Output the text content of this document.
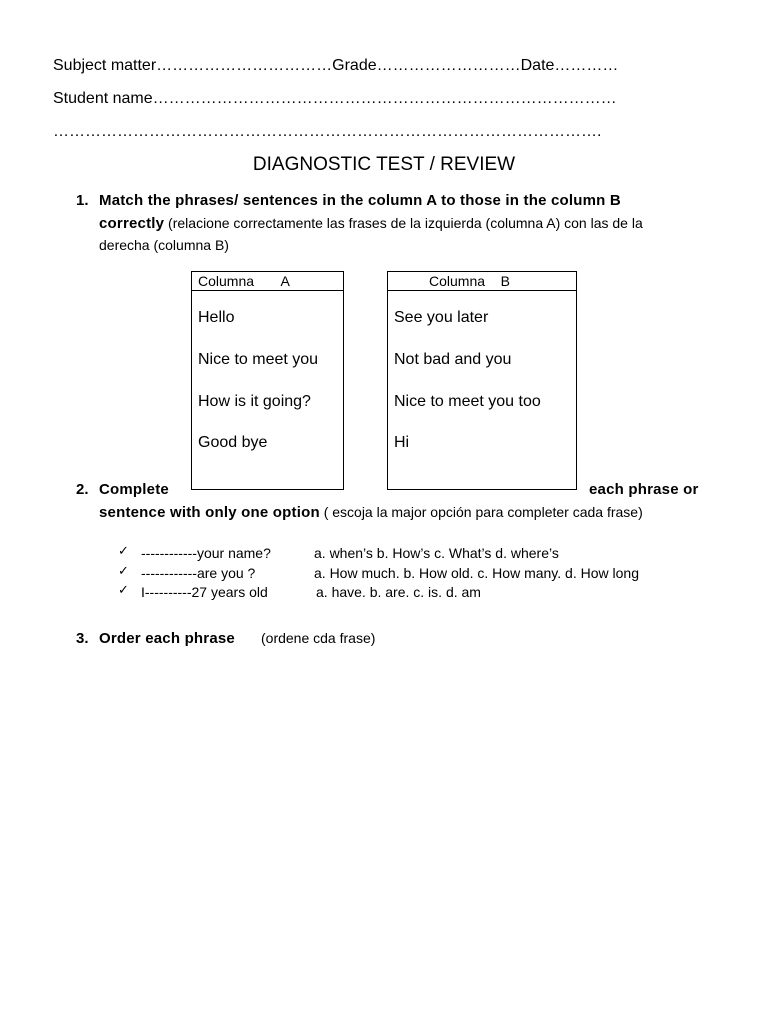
Subject matter……………………………Grade………………………Date…………
Student name……………………………………………………………………………
………………………………………………………………………………………….
DIAGNOSTIC TEST / REVIEW
1. Match the phrases/ sentences in the column A to those in the column B
correctly (relacione correctamente las frases de la izquierda (columna A) con las de la
derecha (columna B)
Columna       A
Hello
Nice to meet you
How is it going?
Good bye
Columna    B
See you later
Not bad and you
Nice to meet you too
Hi
2. Complete	each phrase or
sentence with only one option ( escoja la major opción para completer cada frase)
✓ ------------your name?	a. when’s b. How’s c. What’s d. where’s
✓ ------------are you ?	a. How much. b. How old. c. How many. d. How long
✓ I----------27 years old	a. have. b. are. c. is. d. am
3. Order each phrase (ordene cda frase)
